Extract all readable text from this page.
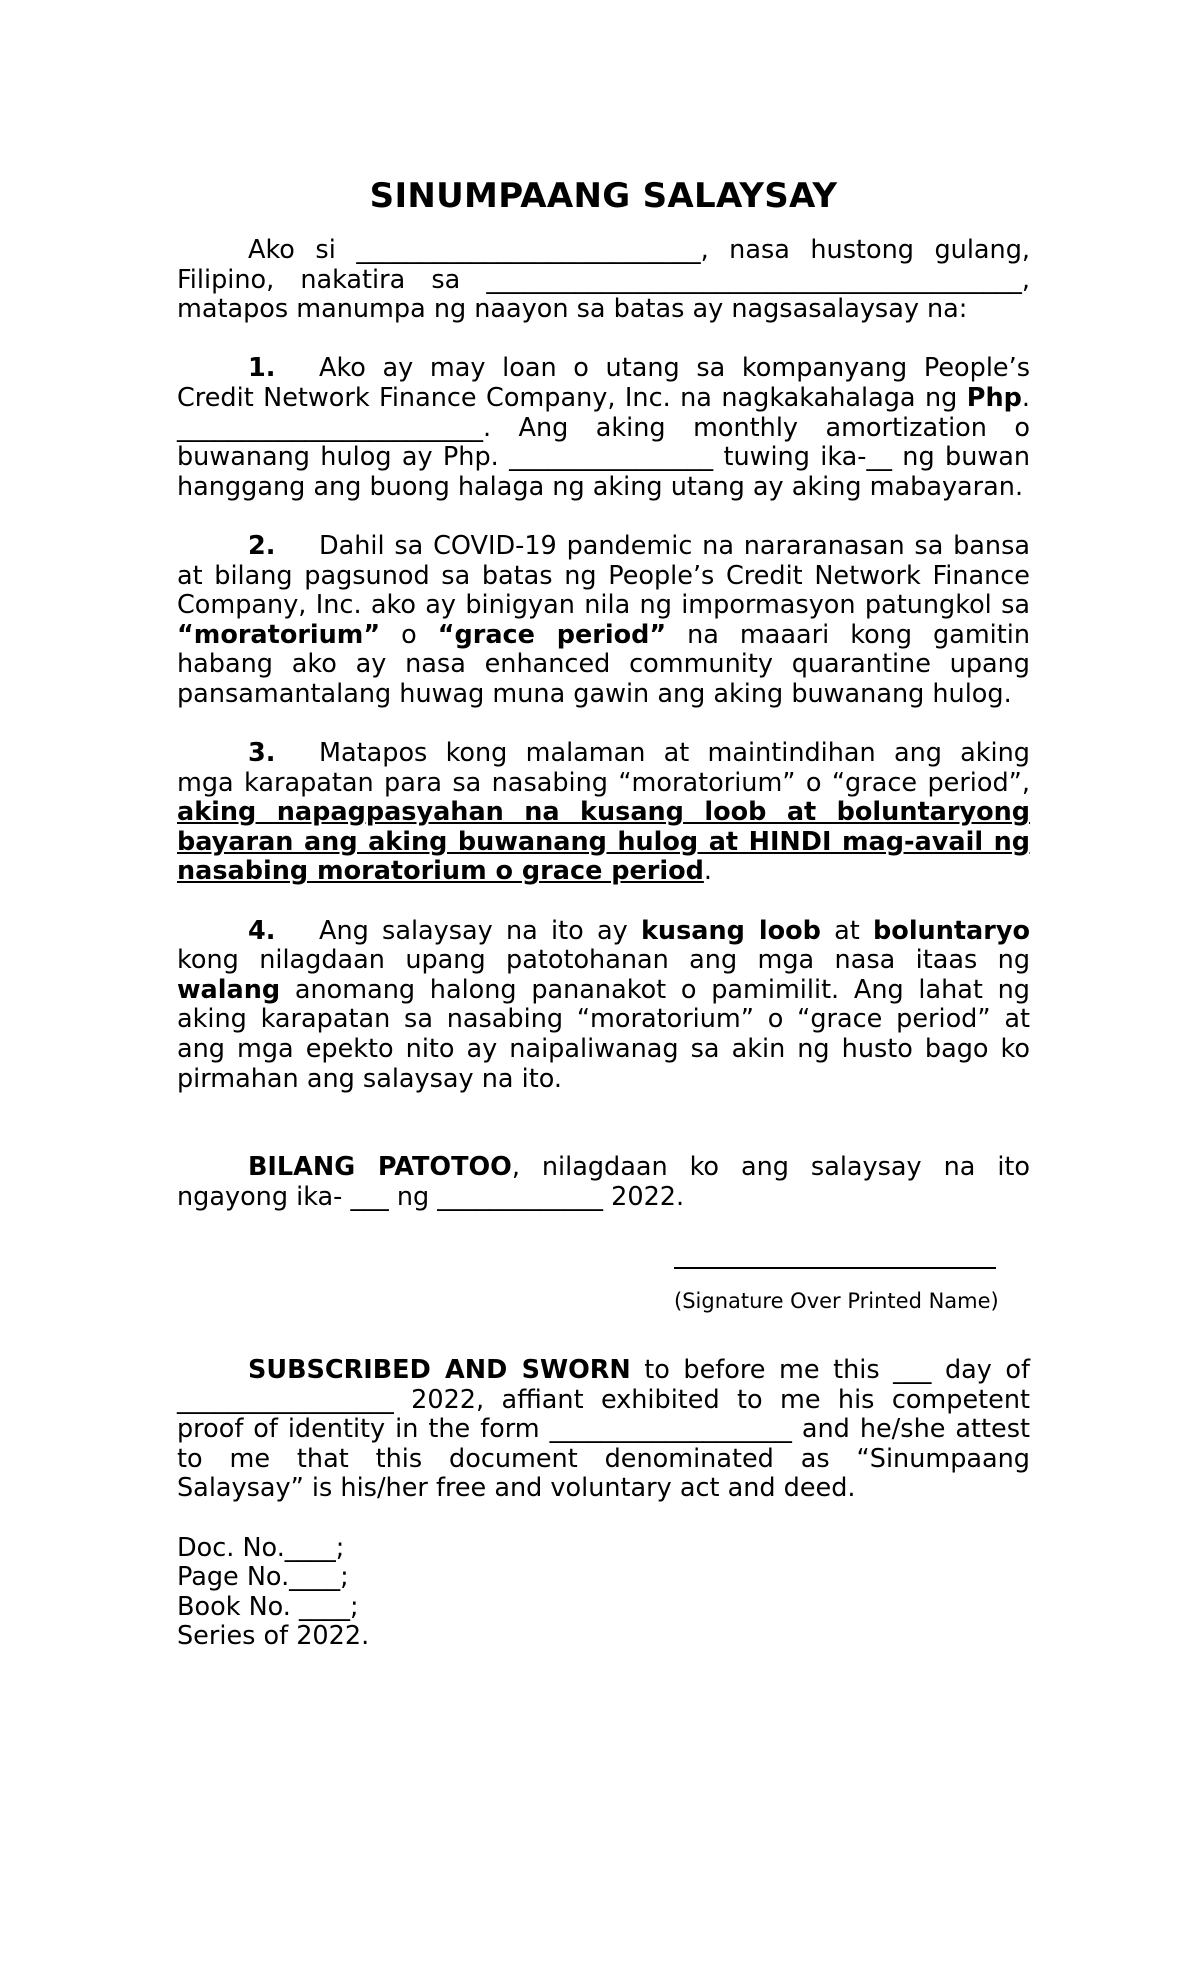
SINUMPAANG SALAYSAY

Ako si ___________________________, nasa hustong gulang, Filipino, nakatira sa __________________________________________, matapos manumpa ng naayon sa batas ay nagsasalaysay na:

1. Ako ay may loan o utang sa kompanyang People’s Credit Network Finance Company, Inc. na nagkakahalaga ng Php. ________________________. Ang aking monthly amortization o buwanang hulog ay Php. ________________ tuwing ika-__ ng buwan hanggang ang buong halaga ng aking utang ay aking mabayaran.

2. Dahil sa COVID-19 pandemic na nararanasan sa bansa at bilang pagsunod sa batas ng People’s Credit Network Finance Company, Inc. ako ay binigyan nila ng impormasyon patungkol sa “moratorium” o “grace period” na maaari kong gamitin habang ako ay nasa enhanced community quarantine upang pansamantalang huwag muna gawin ang aking buwanang hulog.

3. Matapos kong malaman at maintindihan ang aking mga karapatan para sa nasabing “moratorium” o “grace period”, aking napagpasyahan na kusang loob at boluntaryong bayaran ang aking buwanang hulog at HINDI mag-avail ng nasabing moratorium o grace period.

4. Ang salaysay na ito ay kusang loob at boluntaryo kong nilagdaan upang patotohanan ang mga nasa itaas ng walang anomang halong pananakot o pamimilit. Ang lahat ng aking karapatan sa nasabing “moratorium” o “grace period” at ang mga epekto nito ay naipaliwanag sa akin ng husto bago ko pirmahan ang salaysay na ito.

BILANG PATOTOO, nilagdaan ko ang salaysay na ito ngayong ika- ___ ng _____________ 2022.

(Signature Over Printed Name)

SUBSCRIBED AND SWORN to before me this ___ day of _________________ 2022, affiant exhibited to me his competent proof of identity in the form ___________________ and he/she attest to me that this document denominated as “Sinumpaang Salaysay” is his/her free and voluntary act and deed.

Doc. No.____;

Page No.____;

Book No. ____;

Series of 2022.
